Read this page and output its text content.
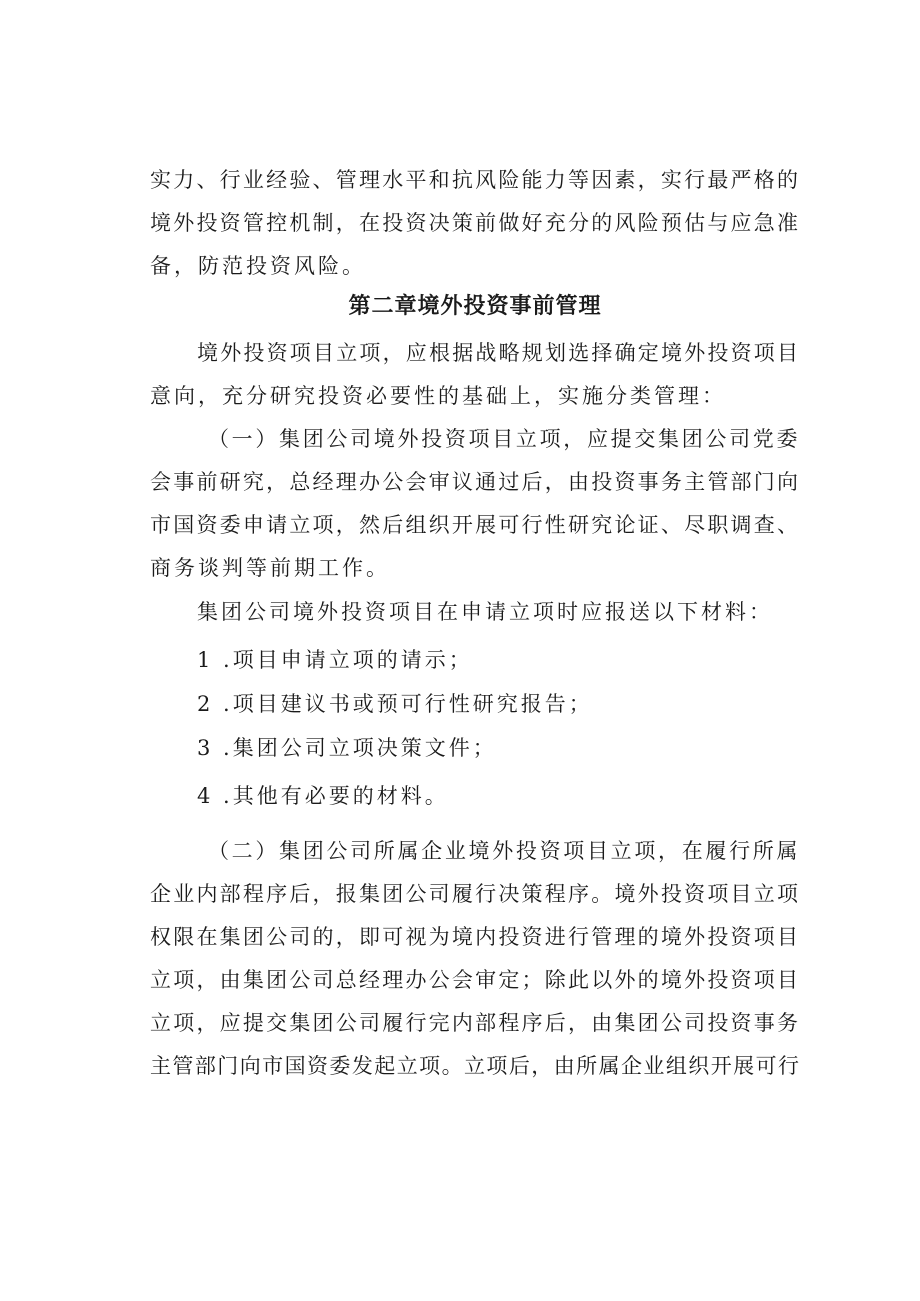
实力、行业经验、管理水平和抗风险能力等因素，实行最严格的
境外投资管控机制，在投资决策前做好充分的风险预估与应急准
备，防范投资风险。
第二章境外投资事前管理
境外投资项目立项，应根据战略规划选择确定境外投资项目
意向，充分研究投资必要性的基础上，实施分类管理：
（一）集团公司境外投资项目立项，应提交集团公司党委
会事前研究，总经理办公会审议通过后，由投资事务主管部门向
市国资委申请立项，然后组织开展可行性研究论证、尽职调查、
商务谈判等前期工作。
集团公司境外投资项目在申请立项时应报送以下材料：
1 .项目申请立项的请示；
2 .项目建议书或预可行性研究报告；
3 .集团公司立项决策文件；
4 .其他有必要的材料。
（二）集团公司所属企业境外投资项目立项，在履行所属
企业内部程序后，报集团公司履行决策程序。境外投资项目立项
权限在集团公司的，即可视为境内投资进行管理的境外投资项目
立项，由集团公司总经理办公会审定；除此以外的境外投资项目
立项，应提交集团公司履行完内部程序后，由集团公司投资事务
主管部门向市国资委发起立项。立项后，由所属企业组织开展可行
